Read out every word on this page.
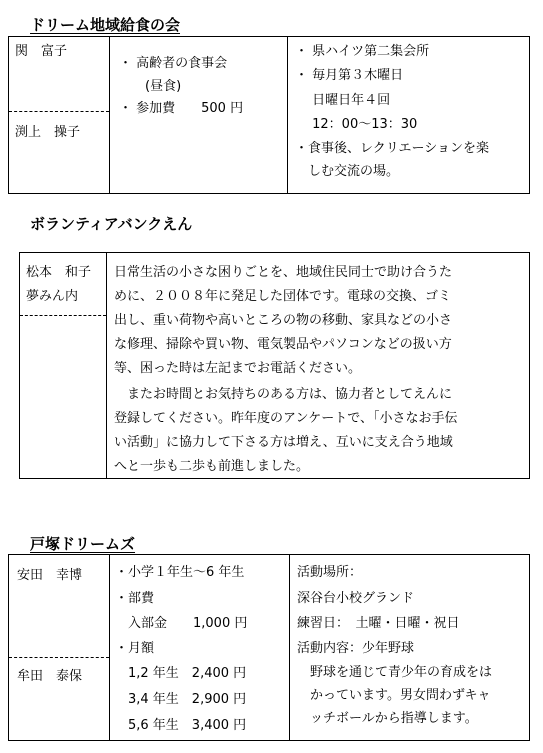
ドリーム地域給食の会
関　富子
渕上　操子
・ 高齢者の食事会
　　(昼食)
・ 参加費　　500 円
・ 県ハイツ第二集会所
・ 毎月第３木曜日
　 日曜日年４回
　 12：00～13：30
・食事後、レクリエーションを楽
　しむ交流の場。
ボランティアバンクえん
松本　和子
夢みん内
日常生活の小さな困りごとを、地域住民同士で助け合うた
めに、２００８年に発足した団体です。電球の交換、ゴミ
出し、重い荷物や高いところの物の移動、家具などの小さ
な修理、掃除や買い物、電気製品やパソコンなどの扱い方
等、困った時は左記までお電話ください。
　またお時間とお気持ちのある方は、協力者としてえんに
登録してください。昨年度のアンケートで、「小さなお手伝
い活動」に協力して下さる方は増え、互いに支え合う地域
へと一歩も二歩も前進しました。
戸塚ドリームズ
安田　幸博
牟田　泰保
・小学１年生～6 年生
・部費
　入部金　　1,000 円
・月額
　1,2 年生　2,400 円
　3,4 年生　2,900 円
　5,6 年生　3,400 円
活動場所：
深谷台小校グランド
練習日：　土曜・日曜・祝日
活動内容：少年野球
　野球を通じて青少年の育成をは
　かっています。男女問わずキャ
　ッチボールから指導します。
